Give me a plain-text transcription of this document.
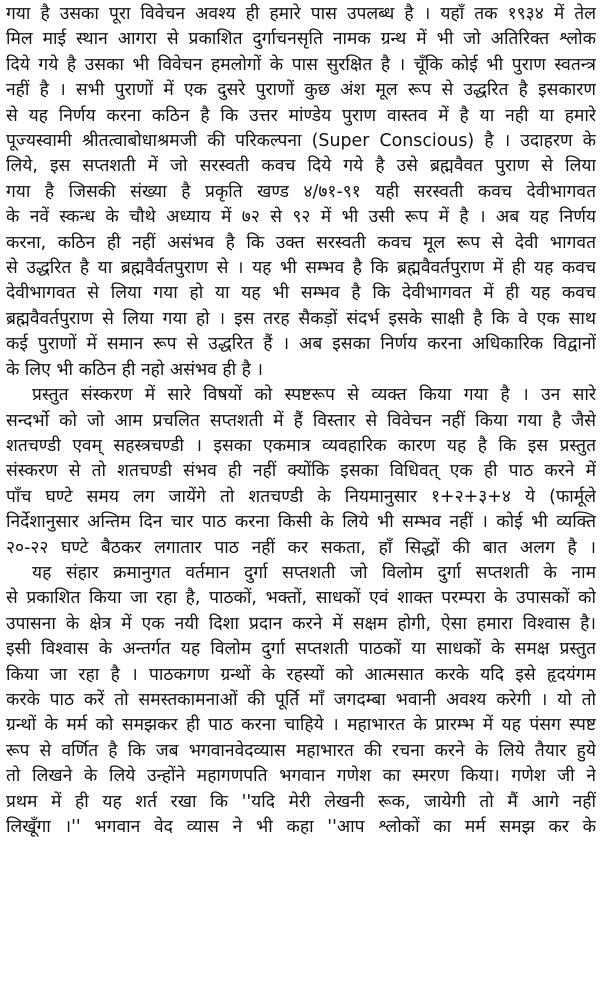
गया है उसका पूरा विवेचन अवश्य ही हमारे पास उपलब्ध है । यहाँ तक १९३४ में तेल
मिल माई स्थान आगरा से प्रकाशित दुर्गाचनसृति नामक ग्रन्थ में भी जो अतिरिक्त श्लोक
दिये गये है उसका भी विवेचन हमलोगों के पास सुरक्षित है । चूँकि कोई भी पुराण स्वतन्त्र
नहीं है । सभी पुराणों में एक दुसरे पुराणों कुछ अंश मूल रूप से उद्धरित है इसकारण
से यह निर्णय करना कठिन है कि उत्तर मांण्डेय पुराण वास्तव में है या नही या हमारे
पूज्यस्वामी श्रीतत्वाबोधाश्रमजी की परिकल्पना (Super Conscious) है । उदाहरण के
लिये, इस सप्तशती में जो सरस्वती कवच दिये गये है उसे ब्रह्मवैवत पुराण से लिया
गया है जिसकी संख्या है प्रकृति खण्ड ४/७१-९१ यही सरस्वती कवच देवीभागवत
के नवें स्कन्ध के चौथे अध्याय में ७२ से ९२ में भी उसी रूप में है । अब यह निर्णय
करना, कठिन ही नहीं असंभव है कि उक्त सरस्वती कवच मूल रूप से देवी भागवत
से उद्धरित है या ब्रह्मवैर्वतपुराण से । यह भी सम्भव है कि ब्रह्मवैवर्तपुराण में ही यह कवच
देवीभागवत से लिया गया हो या यह भी सम्भव है कि देवीभागवत में ही यह कवच
ब्रह्मवैवर्तपुराण से लिया गया हो । इस तरह सैकड़ों संदर्भ इसके साक्षी है कि वे एक साथ
कई पुराणों में समान रूप से उद्धरित हैं । अब इसका निर्णय करना अधिकारिक विद्वानों
के लिए भी कठिन ही नहो असंभव ही है ।
प्रस्तुत संस्करण में सारे विषयों को स्पष्टरूप से व्यक्त किया गया है । उन सारे
सन्दर्भो को जो आम प्रचलित सप्तशती में हैं विस्तार से विवेचन नहीं किया गया है जैसे
शतचण्डी एवम् सहस्त्रचण्डी । इसका एकमात्र व्यवहारिक कारण यह है कि इस प्रस्तुत
संस्करण से तो शतचण्डी संभव ही नहीं क्योंकि इसका विधिवत् एक ही पाठ करने में
पाँच घण्टे समय लग जायेंगे तो शतचण्डी के नियमानुसार १+२+३+४ ये (फार्मूले
निर्देशानुसार अन्तिम दिन चार पाठ करना किसी के लिये भी सम्भव नहीं । कोई भी व्यक्ति
२०-२२ घण्टे बैठकर लगातार पाठ नहीं कर सकता, हाँ सिद्धों की बात अलग है ।
यह संहार क्रमानुगत वर्तमान दुर्गा सप्तशती जो विलोम दुर्गा सप्तशती के नाम
से प्रकाशित किया जा रहा है, पाठकों, भक्तों, साधकों एवं शाक्त परम्परा के उपासकों को
उपासना के क्षेत्र में एक नयी दिशा प्रदान करने में सक्षम होगी, ऐसा हमारा विश्वास है।
इसी विश्वास के अन्तर्गत यह विलोम दुर्गा सप्तशती पाठकों या साधकों के समक्ष प्रस्तुत
किया जा रहा है । पाठकगण ग्रन्थों के रहस्यों को आत्मसात करके यदि इसे हृदयंगम
करके पाठ करें तो समस्तकामनाओं की पूर्ति माँ जगदम्बा भवानी अवश्य करेगी । यो तो
ग्रन्थों के मर्म को समझकर ही पाठ करना चाहिये । महाभारत के प्रारम्भ में यह पंसग स्पष्ट
रूप से वर्णित है कि जब भगवानवेदव्यास महाभारत की रचना करने के लिये तैयार हुये
तो लिखने के लिये उन्होंने महागणपति भगवान गणेश का स्मरण किया। गणेश जी ने
प्रथम में ही यह शर्त रखा कि ''यदि मेरी लेखनी रूक, जायेगी तो मैं आगे नहीं
लिखूँगा ।'' भगवान वेद व्यास ने भी कहा ''आप श्लोकों का मर्म समझ कर के
